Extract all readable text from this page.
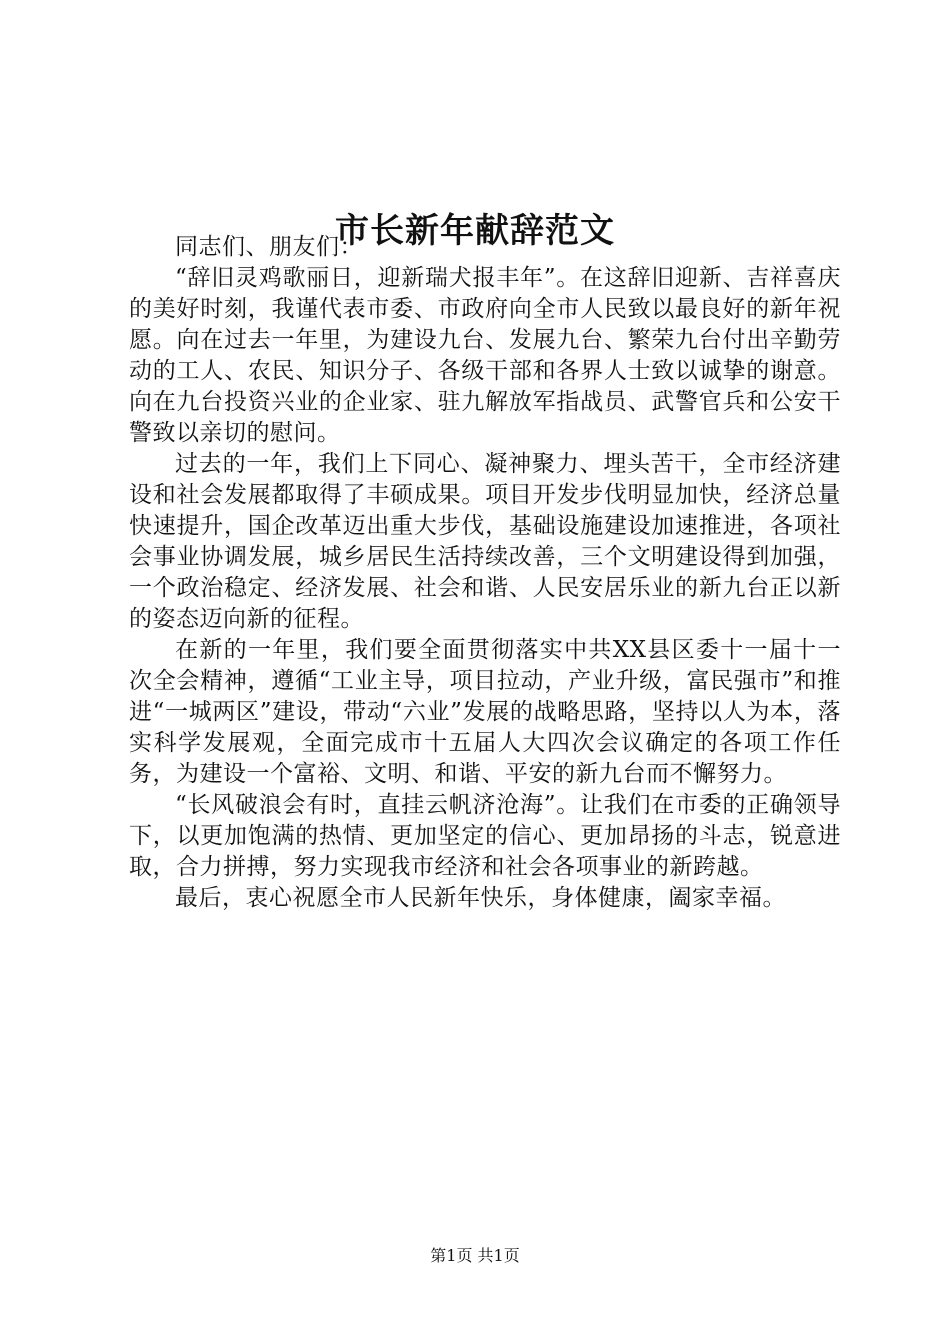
市长新年献辞范文

同志们、朋友们：

“辞旧灵鸡歌丽日，迎新瑞犬报丰年”。在这辞旧迎新、吉祥喜庆的美好时刻，我谨代表市委、市政府向全市人民致以最良好的新年祝愿。向在过去一年里，为建设九台、发展九台、繁荣九台付出辛勤劳动的工人、农民、知识分子、各级干部和各界人士致以诚挚的谢意。向在九台投资兴业的企业家、驻九解放军指战员、武警官兵和公安干警致以亲切的慰问。

过去的一年，我们上下同心、凝神聚力、埋头苦干，全市经济建设和社会发展都取得了丰硕成果。项目开发步伐明显加快，经济总量快速提升，国企改革迈出重大步伐，基础设施建设加速推进，各项社会事业协调发展，城乡居民生活持续改善，三个文明建设得到加强，一个政治稳定、经济发展、社会和谐、人民安居乐业的新九台正以新的姿态迈向新的征程。

在新的一年里，我们要全面贯彻落实中共XX县区委十一届十一次全会精神，遵循“工业主导，项目拉动，产业升级，富民强市”和推进“一城两区”建设，带动“六业”发展的战略思路，坚持以人为本，落实科学发展观，全面完成市十五届人大四次会议确定的各项工作任务，为建设一个富裕、文明、和谐、平安的新九台而不懈努力。

“长风破浪会有时，直挂云帆济沧海”。让我们在市委的正确领导下，以更加饱满的热情、更加坚定的信心、更加昂扬的斗志，锐意进取，合力拼搏，努力实现我市经济和社会各项事业的新跨越。

最后，衷心祝愿全市人民新年快乐，身体健康，阖家幸福。

第1页 共1页
